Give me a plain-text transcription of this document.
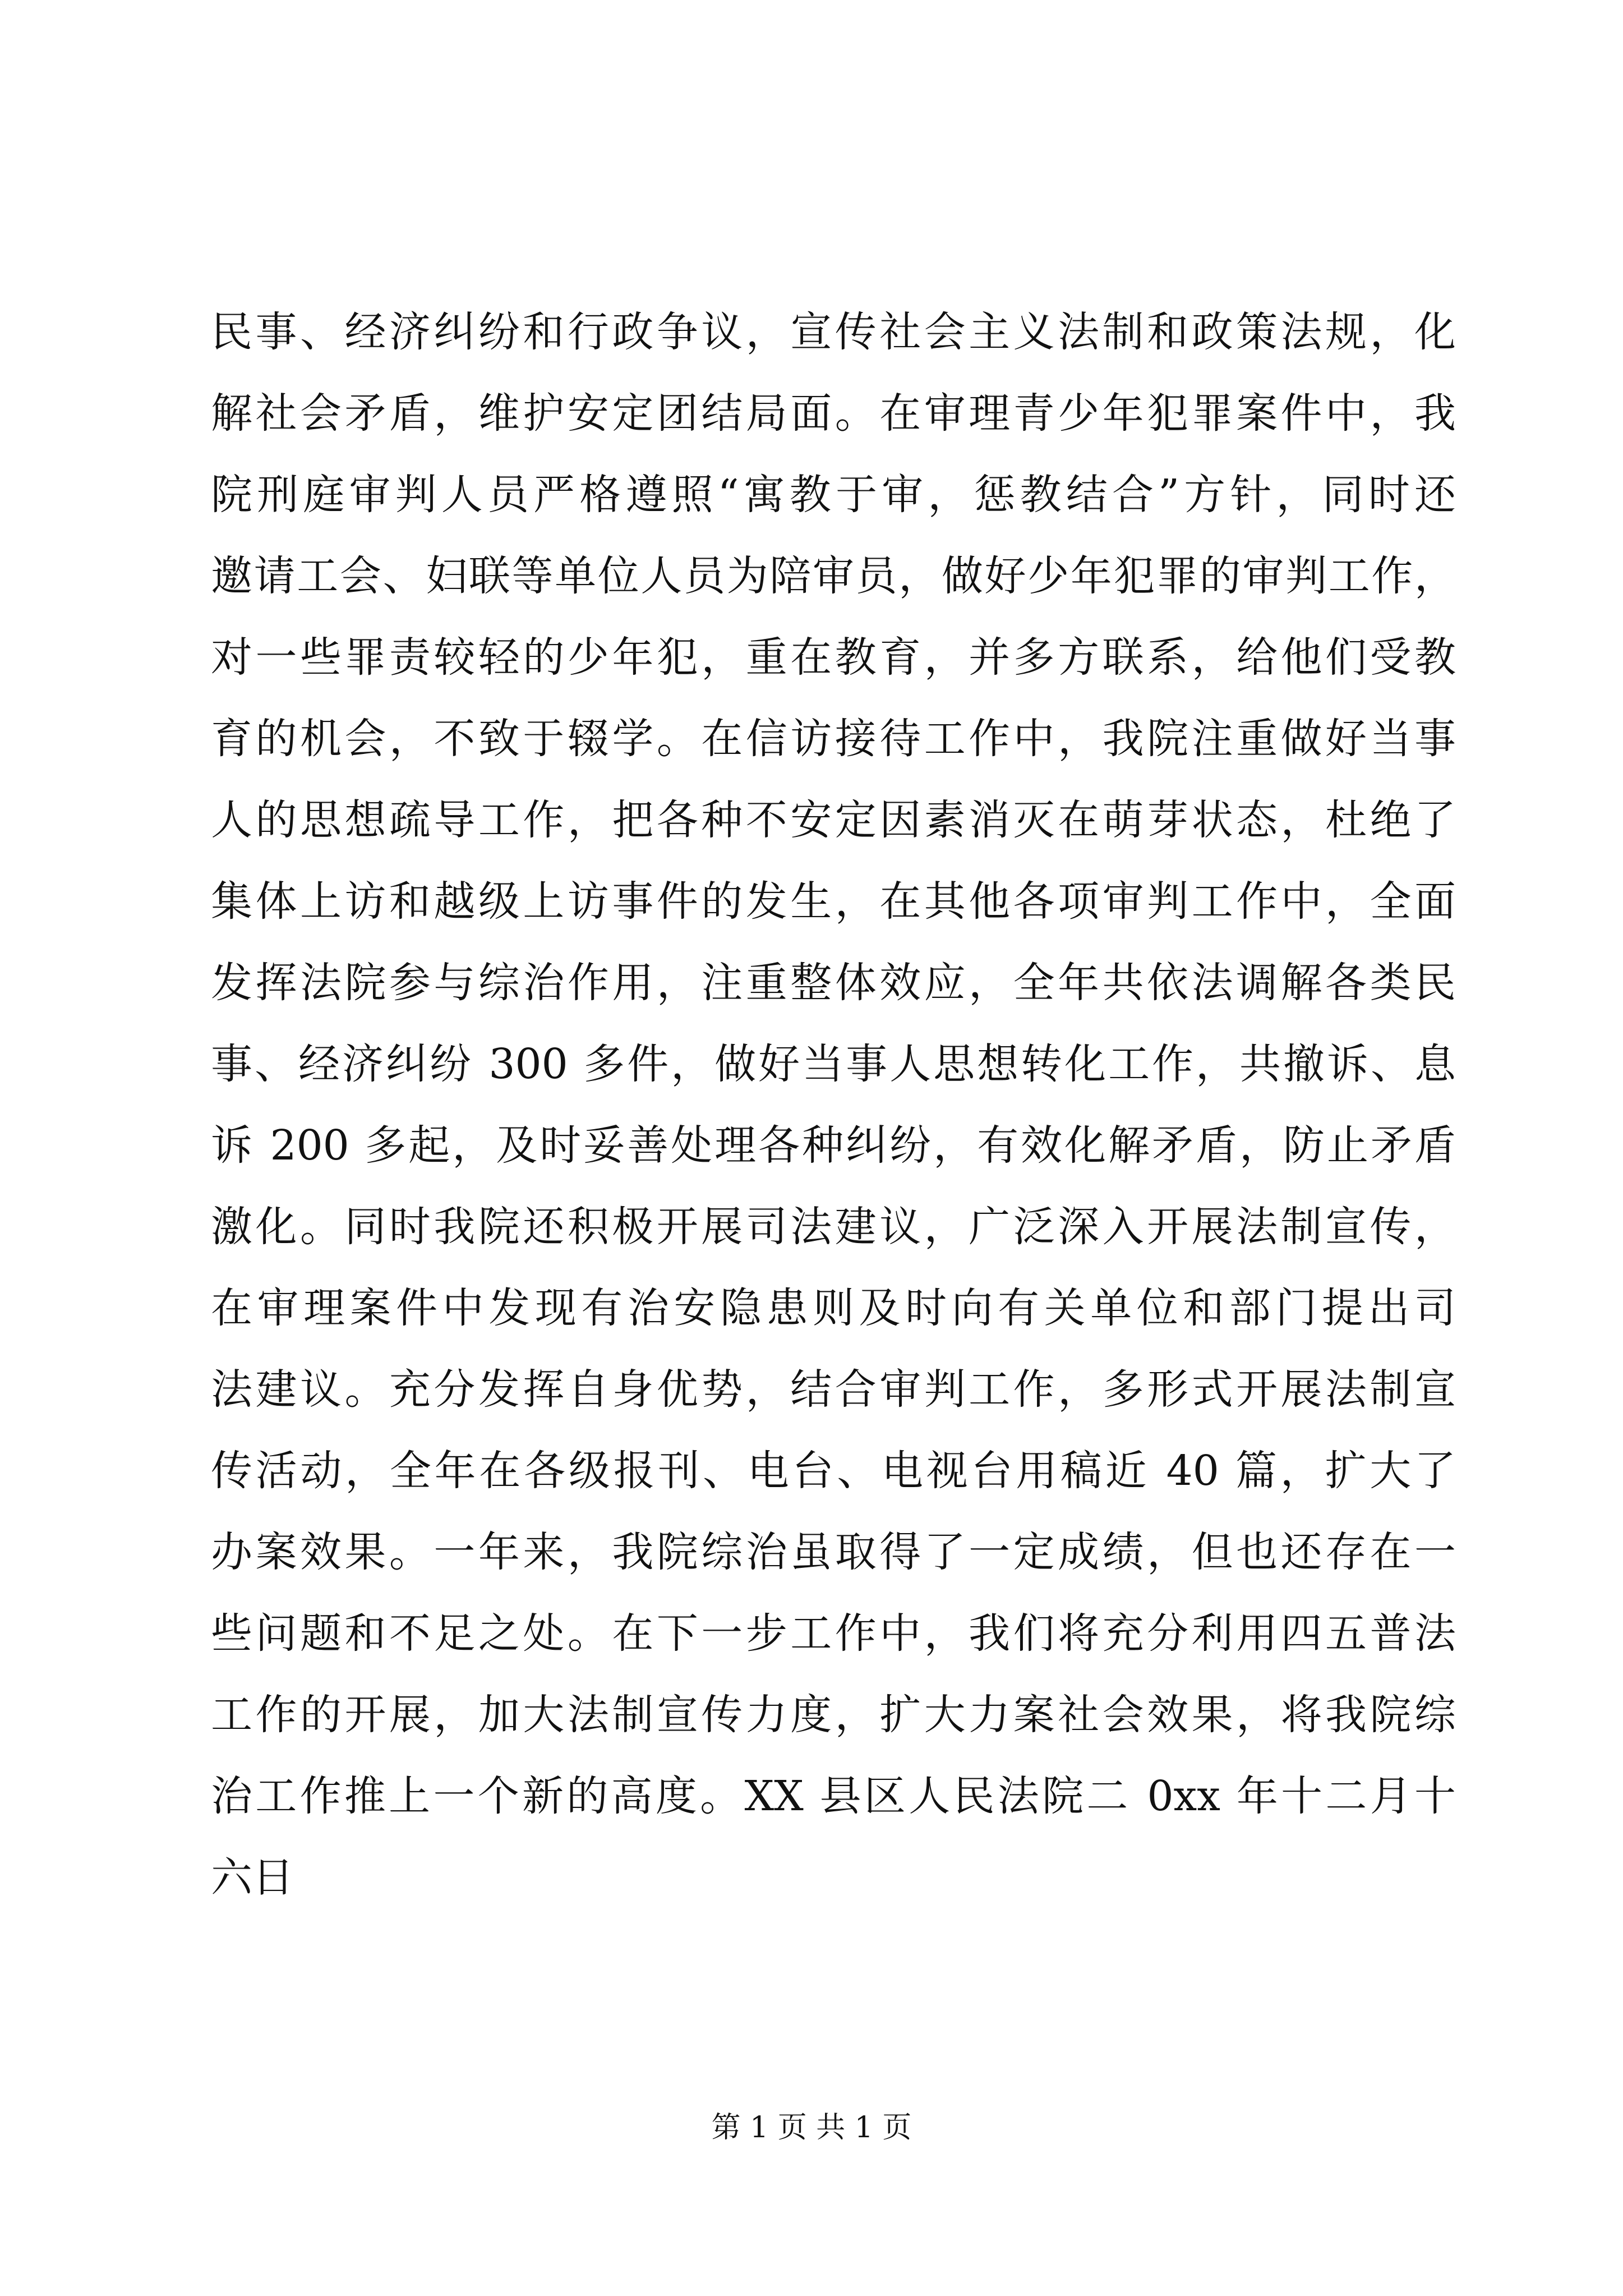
民事、经济纠纷和行政争议，宣传社会主义法制和政策法规，化
解社会矛盾，维护安定团结局面。在审理青少年犯罪案件中，我
院刑庭审判人员严格遵照“寓教于审，惩教结合”方针，同时还
邀请工会、妇联等单位人员为陪审员，做好少年犯罪的审判工作，
对一些罪责较轻的少年犯，重在教育，并多方联系，给他们受教
育的机会，不致于辍学。在信访接待工作中，我院注重做好当事
人的思想疏导工作，把各种不安定因素消灭在萌芽状态，杜绝了
集体上访和越级上访事件的发生，在其他各项审判工作中，全面
发挥法院参与综治作用，注重整体效应，全年共依法调解各类民
事、经济纠纷 300 多件，做好当事人思想转化工作，共撤诉、息
诉 200 多起，及时妥善处理各种纠纷，有效化解矛盾，防止矛盾
激化。同时我院还积极开展司法建议，广泛深入开展法制宣传，
在审理案件中发现有治安隐患则及时向有关单位和部门提出司
法建议。充分发挥自身优势，结合审判工作，多形式开展法制宣
传活动，全年在各级报刊、电台、电视台用稿近 40 篇，扩大了
办案效果。一年来，我院综治虽取得了一定成绩，但也还存在一
些问题和不足之处。在下一步工作中，我们将充分利用四五普法
工作的开展，加大法制宣传力度，扩大力案社会效果，将我院综
治工作推上一个新的高度。XX 县区人民法院二 0xx 年十二月十
六日
第 1 页 共 1 页
